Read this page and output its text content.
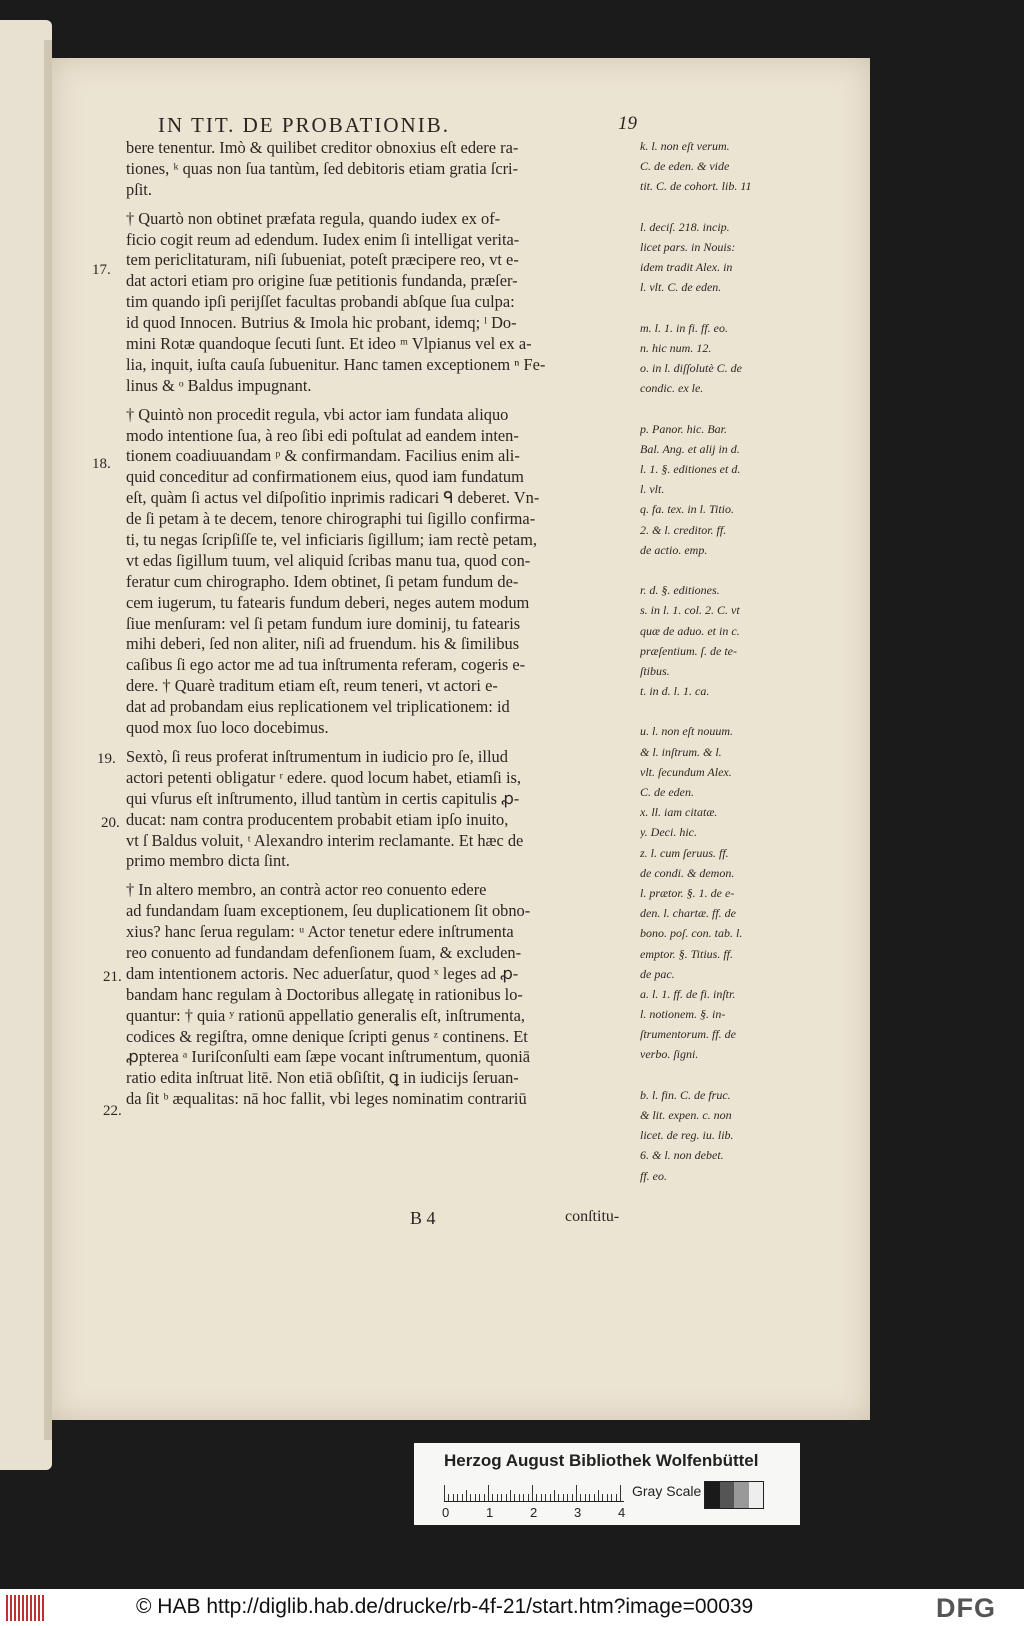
IN TIT. DE PROBATIONIB.	19
bere tenentur. Imò & quilibet creditor obnoxius eſt edere ra-
tiones, ᵏ quas non ſua tantùm, ſed debitoris etiam gratia ſcri-
pſit.
† Quartò non obtinet præfata regula, quando iudex ex of-
ficio cogit reum ad edendum. Iudex enim ſi intelligat verita-
tem periclitaturam, niſi ſubueniat, poteſt præcipere reo, vt e-
dat actori etiam pro origine ſuæ petitionis fundanda, præſer-
tim quando ipſi perijſſet facultas probandi abſque ſua culpa:
id quod Innocen. Butrius & Imola hic probant, idemq; ˡ Do-
mini Rotæ quandoque ſecuti ſunt. Et ideo ᵐ Vlpianus vel ex a-
lia, inquit, iuſta cauſa ſubuenitur. Hanc tamen exceptionem ⁿ Fe-
linus & ᵒ Baldus impugnant.
† Quintò non procedit regula, vbi actor iam fundata aliquo
modo intentione ſua, à reo ſibi edi poſtulat ad eandem inten-
tionem coadiuuandam ᵖ & confirmandam. Facilius enim ali-
quid conceditur ad confirmationem eius, quod iam fundatum
eſt, quàm ſi actus vel diſpoſitio inprimis radicari ᑫ deberet. Vn-
de ſi petam à te decem, tenore chirographi tui ſigillo confirma-
ti, tu negas ſcripſiſſe te, vel inficiaris ſigillum; iam rectè petam,
vt edas ſigillum tuum, vel aliquid ſcribas manu tua, quod con-
feratur cum chirographo. Idem obtinet, ſi petam fundum de-
cem iugerum, tu fatearis fundum deberi, neges autem modum
ſiue menſuram: vel ſi petam fundum iure dominij, tu fatearis
mihi deberi, ſed non aliter, niſi ad fruendum. his & ſimilibus
caſibus ſi ego actor me ad tua inſtrumenta referam, cogeris e-
dere. † Quarè traditum etiam eſt, reum teneri, vt actori e-
dat ad probandam eius replicationem vel triplicationem: id
quod mox ſuo loco docebimus.
Sextò, ſi reus proferat inſtrumentum in iudicio pro ſe, illud
actori petenti obligatur ʳ edere. quod locum habet, etiamſi is,
qui vſurus eſt inſtrumento, illud tantùm in certis capitulis ꝓ-
ducat: nam contra producentem probabit etiam ipſo inuito,
vt ſ Baldus voluit, ᵗ Alexandro interim reclamante. Et hæc de
primo membro dicta ſint.
† In altero membro, an contrà actor reo conuento edere
ad fundandam ſuam exceptionem, ſeu duplicationem ſit obno-
xius? hanc ſerua regulam: ᵘ Actor tenetur edere inſtrumenta
reo conuento ad fundandam defenſionem ſuam, & excluden-
dam intentionem actoris. Nec aduerſatur, quod ˣ leges ad ꝓ-
bandam hanc regulam à Doctoribus allegatę in rationibus lo-
quantur: † quia ʸ rationū appellatio generalis eſt, inſtrumenta,
codices & regiſtra, omne denique ſcripti genus ᶻ continens. Et
ꝓpterea ᵃ Iuriſconſulti eam ſæpe vocant inſtrumentum, quoniā
ratio edita inſtruat litē. Non etiā obſiſtit, ꝗ in iudicijs ſeruan-
da ſit ᵇ æqualitas: nā hoc fallit, vbi leges nominatim contrariū
k. l. non eſt verum.
C. de eden. & vide
tit. C. de cohort. lib. 11
l. deciſ. 218. incip.
licet pars. in Nouis:
idem tradit Alex. in
l. vlt. C. de eden.
m. l. 1. in fi. ff. eo.
n. hic num. 12.
o. in l. diſſolutè C. de
condic. ex le.
p. Panor. hic. Bar.
Bal. Ang. et alij in d.
l. 1. §. editiones et d.
l. vlt.
q. fa. tex. in l. Titio.
2. & l. creditor. ff.
de actio. emp.
r. d. §. editiones.
s. in l. 1. col. 2. C. vt
quæ de aduo. et in c.
præſentium. ſ. de te-
ſtibus.
t. in d. l. 1. ca.
u. l. non eſt nouum.
& l. inſtrum. & l.
vlt. ſecundum Alex.
C. de eden.
x. ll. iam citatæ.
y. Deci. hic.
z. l. cum ſeruus. ff.
de condi. & demon.
l. prætor. §. 1. de e-
den. l. chartæ. ff. de
bono. poſ. con. tab. l.
emptor. §. Titius. ff.
de pac.
a. l. 1. ff. de fi. inſtr.
l. notionem. §. in-
ſtrumentorum. ff. de
verbo. ſigni.
b. l. fin. C. de fruc.
& lit. expen. c. non
licet. de reg. iu. lib.
6. & l. non debet.
ff. eo.
17.
18.
19.
20.
21.
22.
B 4	conſtitu-
Herzog August Bibliothek Wolfenbüttel
0	1	2	3	4
Gray Scale
© HAB http://diglib.hab.de/drucke/rb-4f-21/start.htm?image=00039	DFG
